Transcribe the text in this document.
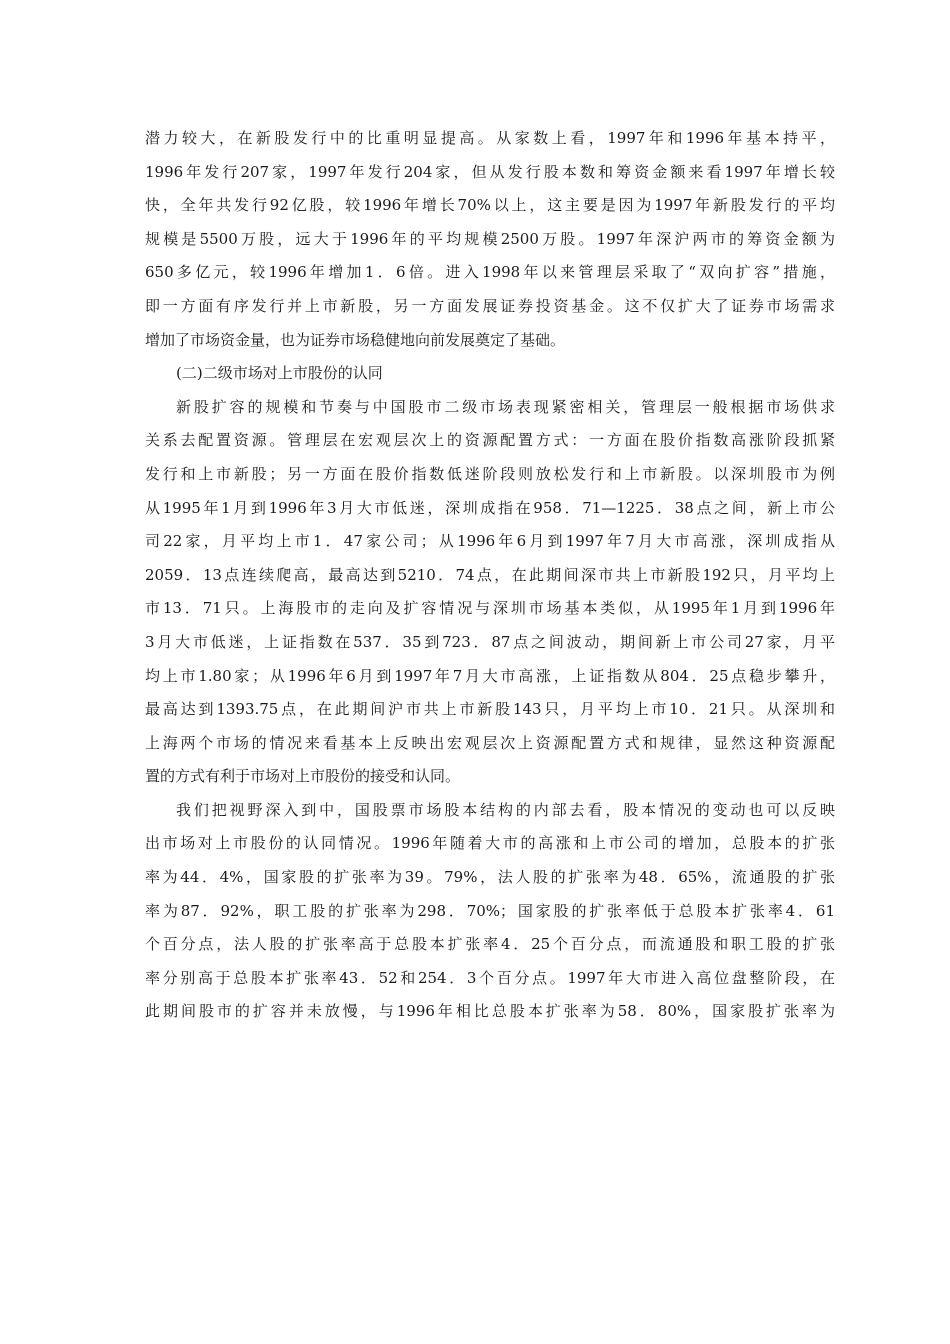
潜力较大，在新股发行中的比重明显提高。从家数上看，1997年和1996年基本持平，
1996年发行207家，1997年发行204家，但从发行股本数和筹资金额来看1997年增长较
快，全年共发行92亿股，较1996年增长70%以上，这主要是因为1997年新股发行的平均
规模是5500万股，远大于1996年的平均规模2500万股。1997年深沪两市的筹资金额为
650多亿元，较1996年增加1．6倍。进入1998年以来管理层采取了“双向扩容”措施，
即一方面有序发行并上市新股，另一方面发展证券投资基金。这不仅扩大了证券市场需求
增加了市场资金量，也为证券市场稳健地向前发展奠定了基础。
(二)二级市场对上市股份的认同
新股扩容的规模和节奏与中国股市二级市场表现紧密相关，管理层一般根据市场供求
关系去配置资源。管理层在宏观层次上的资源配置方式：一方面在股价指数高涨阶段抓紧
发行和上市新股；另一方面在股价指数低迷阶段则放松发行和上市新股。以深圳股市为例
从1995年1月到1996年3月大市低迷，深圳成指在958．71—1225．38点之间，新上市公
司22家，月平均上市1．47家公司；从1996年6月到1997年7月大市高涨，深圳成指从
2059．13点连续爬高，最高达到5210．74点，在此期间深市共上市新股192只，月平均上
市13．71只。上海股市的走向及扩容情况与深圳市场基本类似，从1995年1月到1996年
3月大市低迷，上证指数在537．35到723．87点之间波动，期间新上市公司27家，月平
均上市1.80家；从1996年6月到1997年7月大市高涨，上证指数从804．25点稳步攀升，
最高达到1393.75点，在此期间沪市共上市新股143只，月平均上市10．21只。从深圳和
上海两个市场的情况来看基本上反映出宏观层次上资源配置方式和规律，显然这种资源配
置的方式有利于市场对上市股份的接受和认同。
我们把视野深入到中，国股票市场股本结构的内部去看，股本情况的变动也可以反映
出市场对上市股份的认同情况。1996年随着大市的高涨和上市公司的增加，总股本的扩张
率为44．4%，国家股的扩张率为39。79%，法人股的扩张率为48．65%，流通股的扩张
率为87．92%，职工股的扩张率为298．70%；国家股的扩张率低于总股本扩张率4．61
个百分点，法人股的扩张率高于总股本扩张率4．25个百分点，而流通股和职工股的扩张
率分别高于总股本扩张率43．52和254．3个百分点。1997年大市进入高位盘整阶段，在
此期间股市的扩容并未放慢，与1996年相比总股本扩张率为58．80%，国家股扩张率为
